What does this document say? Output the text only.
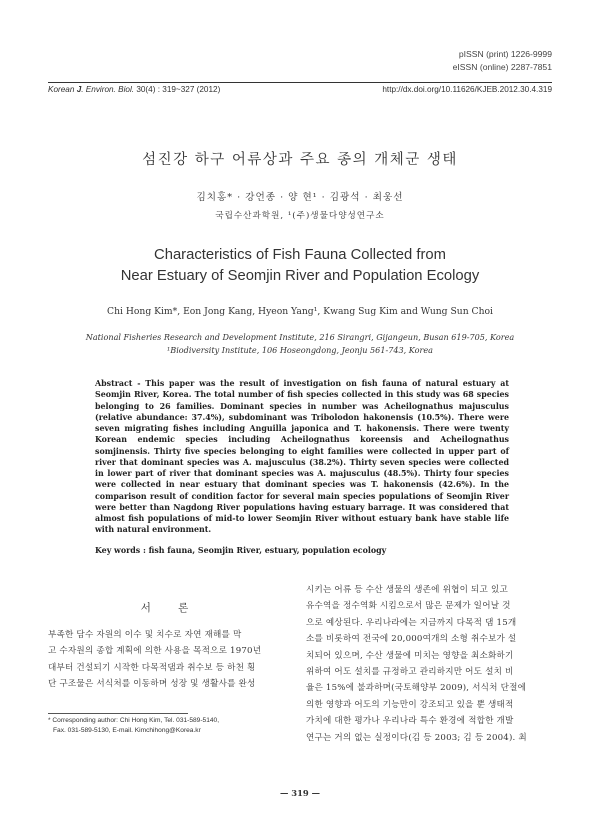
pISSN (print) 1226-9999
eISSN (online) 2287-7851
Korean J. Environ. Biol. 30(4) : 319~327 (2012)	http://dx.doi.org/10.11626/KJEB.2012.30.4.319
섬진강 하구 어류상과 주요 종의 개체군 생태
김치홍* · 강언종 · 양 현¹ · 김광석 · 최웅선
국립수산과학원, ¹(주)생물다양성연구소
Characteristics of Fish Fauna Collected from
Near Estuary of Seomjin River and Population Ecology
Chi Hong Kim*, Eon Jong Kang, Hyeon Yang¹, Kwang Sug Kim and Wung Sun Choi
National Fisheries Research and Development Institute, 216 Sirangri, Gijangeun, Busan 619-705, Korea
¹Biodiversity Institute, 106 Hoseongdong, Jeonju 561-743, Korea

Abstract - This paper was the result of investigation on fish fauna of natural estuary at Seomjin River, Korea. The total number of fish species collected in this study was 68 species belonging to 26 families. Dominant species in number was Acheilognathus majusculus (relative abundance: 37.4%), subdominant was Tribolodon hakonensis (10.5%). There were seven migrating fishes including Anguilla japonica and T. hakonensis. There were twenty Korean endemic species including Acheilognathus koreensis and Acheilognathus somjinensis. Thirty five species belonging to eight families were collected in upper part of river that dominant species was A. majusculus (38.2%). Thirty seven species were collected in lower part of river that dominant species was A. majusculus (48.5%). Thirty four species were collected in near estuary that dominant species was T. hakonensis (42.6%). In the comparison result of condition factor for several main species populations of Seomjin River were better than Nagdong River populations having estuary barrage. It was considered that almost fish populations of mid-to lower Seomjin River without estuary bank have stable life with natural environment.

Key words : fish fauna, Seomjin River, estuary, population ecology
서 론
부족한 담수 자원의 이수 및 치수로 자연 재해를 막
고 수자원의 종합 계획에 의한 사용을 목적으로 1970년
대부터 건설되기 시작한 다목적댐과 취수보 등 하천 횡
단 구조물은 서식처를 이동하며 성장 및 생활사를 완성
시키는 어류 등 수산 생물의 생존에 위협이 되고 있고
유수역을 정수역화 시킴으로서 많은 문제가 일어날 것
으로 예상된다. 우리나라에는 지금까지 다목적 댐 15개
소를 비롯하여 전국에 20,000여개의 소형 취수보가 설
치되어 있으며, 수산 생물에 미치는 영향을 최소화하기
위하여 어도 설치를 규정하고 관리하지만 어도 설치 비
율은 15%에 불과하며(국토해양부 2009), 서식처 단절에
의한 영향과 어도의 기능만이 강조되고 있을 뿐 생태적
가치에 대한 평가나 우리나라 특수 환경에 적합한 개발
연구는 거의 없는 실정이다(김 등 2003; 김 등 2004). 최
* Corresponding author: Chi Hong Kim, Tel. 031-589-5140,
Fax. 031-589-5130, E-mail. Kimchihong@Korea.kr
— 319 —
